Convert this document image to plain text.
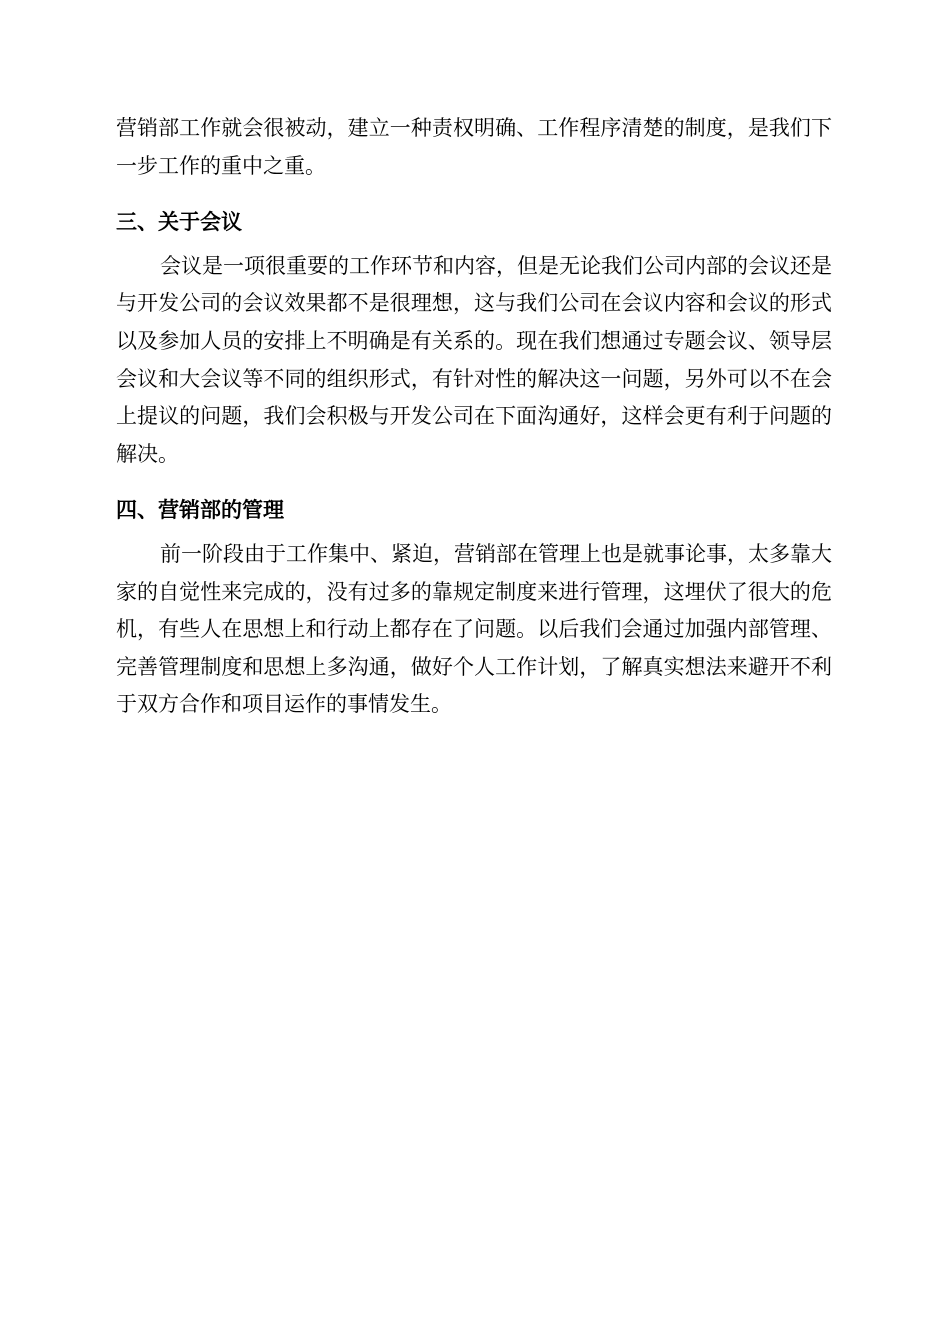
营销部工作就会很被动，建立一种责权明确、工作程序清楚的制度，是我们下一步工作的重中之重。

三、关于会议

会议是一项很重要的工作环节和内容，但是无论我们公司内部的会议还是与开发公司的会议效果都不是很理想，这与我们公司在会议内容和会议的形式以及参加人员的安排上不明确是有关系的。现在我们想通过专题会议、领导层会议和大会议等不同的组织形式，有针对性的解决这一问题，另外可以不在会上提议的问题，我们会积极与开发公司在下面沟通好，这样会更有利于问题的解决。

四、营销部的管理

前一阶段由于工作集中、紧迫，营销部在管理上也是就事论事，太多靠大家的自觉性来完成的，没有过多的靠规定制度来进行管理，这埋伏了很大的危机，有些人在思想上和行动上都存在了问题。以后我们会通过加强内部管理、完善管理制度和思想上多沟通，做好个人工作计划，了解真实想法来避开不利于双方合作和项目运作的事情发生。
